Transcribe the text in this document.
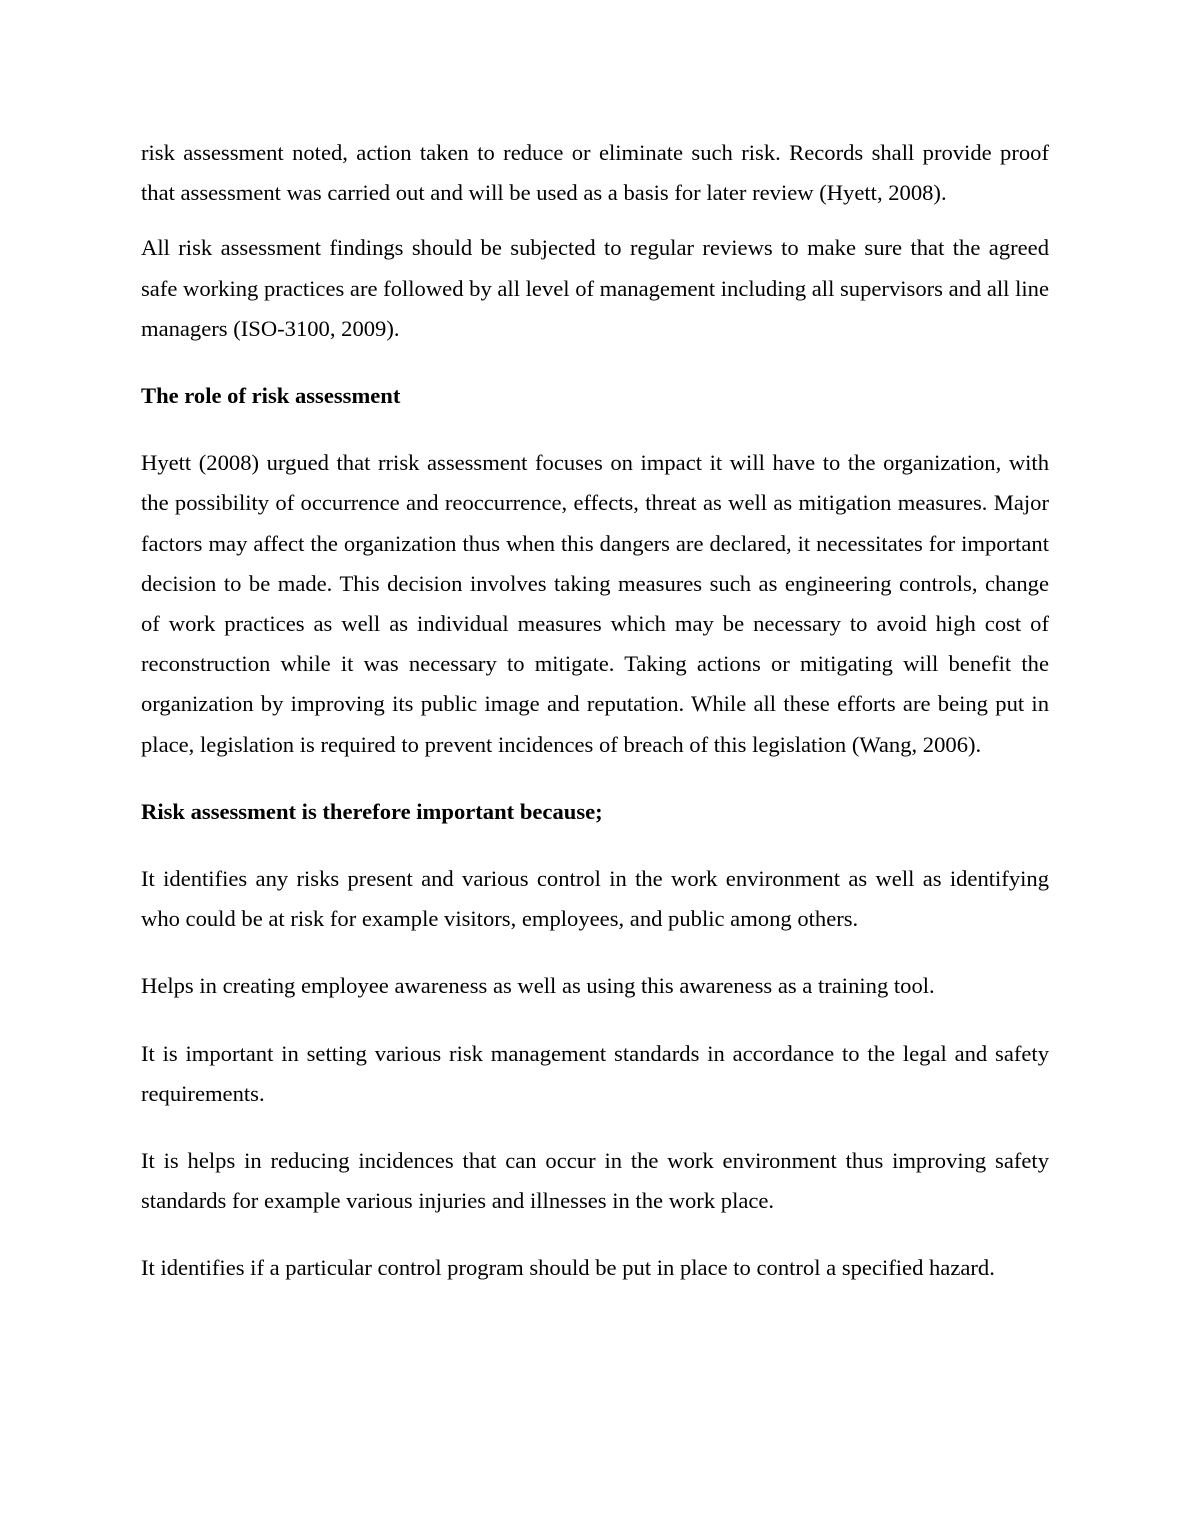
risk assessment noted, action taken to reduce or eliminate such risk. Records shall provide proof that assessment was carried out and will be used as a basis for later review (Hyett, 2008).

All risk assessment findings should be subjected to regular reviews to make sure that the agreed safe working practices are followed by all level of management including all supervisors and all line managers (ISO-3100, 2009).

The role of risk assessment

Hyett (2008) urgued that rrisk assessment focuses on impact it will have to the organization, with the possibility of occurrence and reoccurrence, effects, threat as well as mitigation measures. Major factors may affect the organization thus when this dangers are declared, it necessitates for important decision to be made. This decision involves taking measures such as engineering controls, change of work practices as well as individual measures which may be necessary to avoid high cost of reconstruction while it was necessary to mitigate. Taking actions or mitigating will benefit the organization by improving its public image and reputation. While all these efforts are being put in place, legislation is required to prevent incidences of breach of this legislation (Wang, 2006).

Risk assessment is therefore important because;

It identifies any risks present and various control in the work environment as well as identifying who could be at risk for example visitors, employees, and public among others.

Helps in creating employee awareness as well as using this awareness as a training tool.

It is important in setting various risk management standards in accordance to the legal and safety requirements.

It is helps in reducing incidences that can occur in the work environment thus improving safety standards for example various injuries and illnesses in the work place.

It identifies if a particular control program should be put in place to control a specified hazard.
